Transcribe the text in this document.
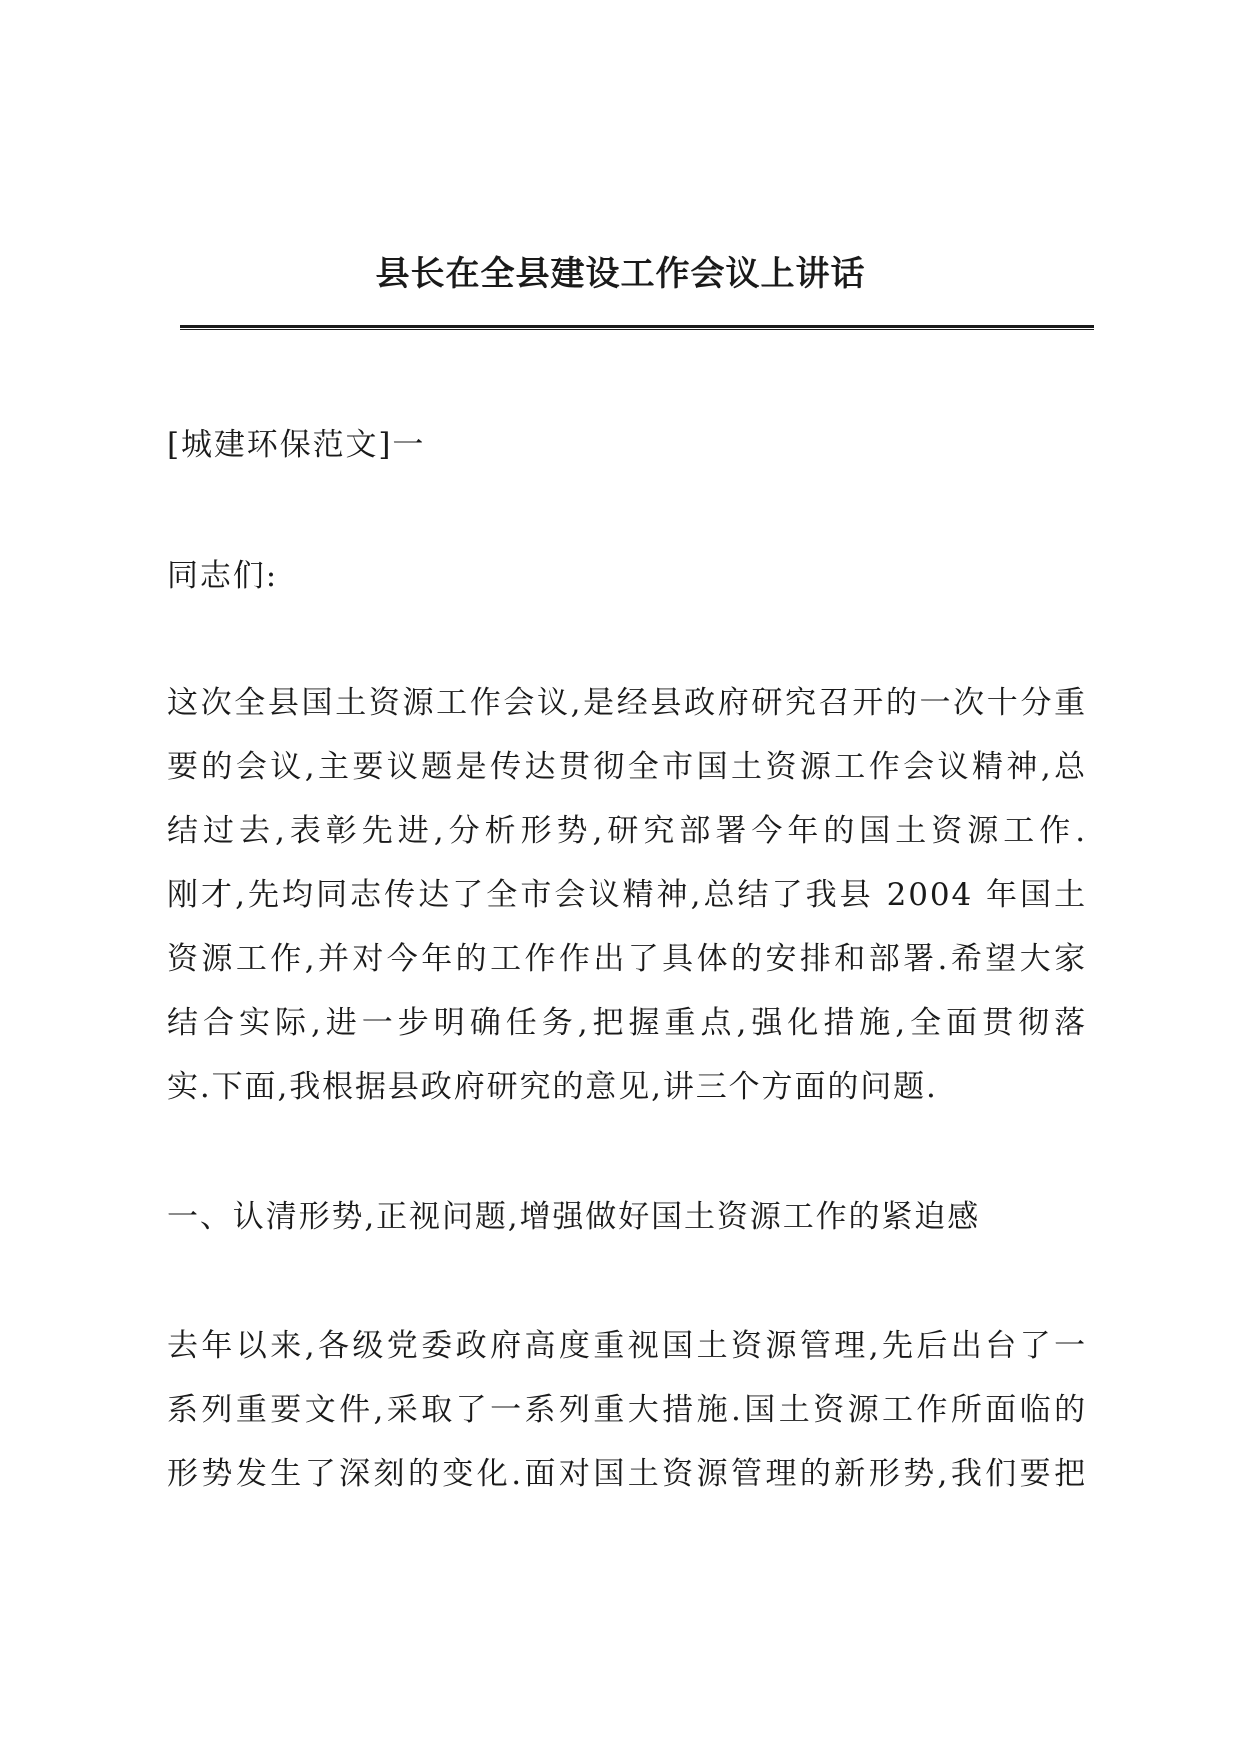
县长在全县建设工作会议上讲话
[城建环保范文]一
同志们:
这次全县国土资源工作会议,是经县政府研究召开的一次十分重
要的会议,主要议题是传达贯彻全市国土资源工作会议精神,总
结过去,表彰先进,分析形势,研究部署今年的国土资源工作.
刚才,先均同志传达了全市会议精神,总结了我县 2004 年国土
资源工作,并对今年的工作作出了具体的安排和部署.希望大家
结合实际,进一步明确任务,把握重点,强化措施,全面贯彻落
实.下面,我根据县政府研究的意见,讲三个方面的问题.
一、认清形势,正视问题,增强做好国土资源工作的紧迫感
去年以来,各级党委政府高度重视国土资源管理,先后出台了一
系列重要文件,采取了一系列重大措施.国土资源工作所面临的
形势发生了深刻的变化.面对国土资源管理的新形势,我们要把
